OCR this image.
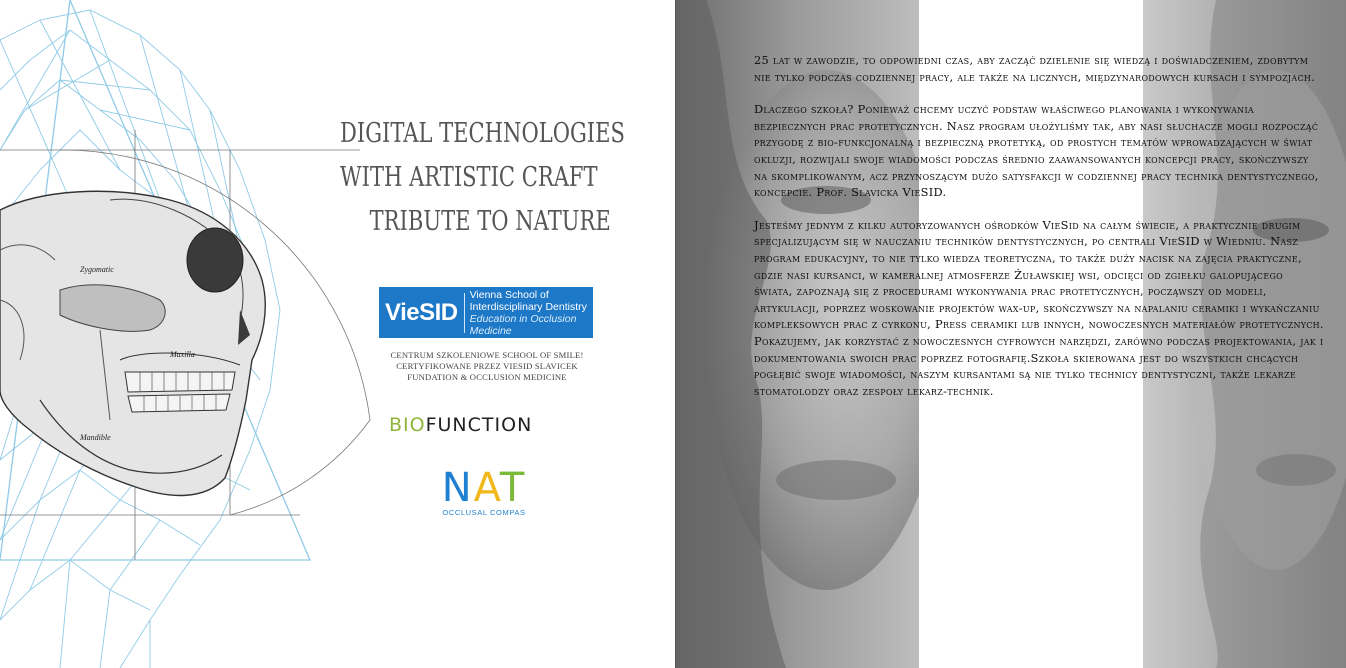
Zygomatic
Maxilla
Mandible
DIGITAL TECHNOLOGIES
WITH ARTISTIC CRAFT
TRIBUTE TO NATURE
VieSID
Vienna School of
Interdisciplinary Dentistry
Education in Occlusion Medicine
CENTRUM SZKOLENIOWE SCHOOL OF SMILE!
CERTYFIKOWANE PRZEZ VIESID SLAVICEK
FUNDATION & OCCLUSION MEDICINE
BIOFUNCTION
NAT
OCCLUSAL COMPAS

25 lat w zawodzie, to odpowiedni czas, aby zacząć dzielenie się wiedzą i doświadczeniem, zdobytym nie tylko podczas codziennej pracy, ale także na licznych, międzynarodowych kursach i sympozjach.

Dlaczego szkoła? Ponieważ chcemy uczyć podstaw właściwego planowania i wykonywania bezpiecznych prac protetycznych. Nasz program ułożyliśmy tak, aby nasi słuchacze mogli rozpocząć przygodę z bio-funkcjonalną i bezpieczną protetyką, od prostych tematów wprowadzających w świat okluzji, rozwijali swoje wiadomości podczas średnio zaawansowanych koncepcji pracy, skończywszy na skomplikowanym, acz przynoszącym dużo satysfakcji w codziennej pracy technika dentystycznego, koncepcie. Prof. Slavicka VieSID.

Jesteśmy jednym z kilku autoryzowanych ośrodków VieSid na całym świecie, a praktycznie drugim specjalizującym się w nauczaniu techników dentystycznych, po centrali VieSID w Wiedniu. Nasz program edukacyjny, to nie tylko wiedza teoretyczna, to także duży nacisk na zajęcia praktyczne, gdzie nasi kursanci, w kameralnej atmosferze Żuławskiej wsi, odcięci od zgiełku galopującego świata, zapoznają się z procedurami wykonywania prac protetycznych, począwszy od modeli, artykulacji, poprzez woskowanie projektów wax-up, skończywszy na napalaniu ceramiki i wykańczaniu kompleksowych prac z cyrkonu, Press ceramiki lub innych, nowoczesnych materiałów protetycznych. Pokazujemy, jak korzystać z nowoczesnych cyfrowych narzędzi, zarówno podczas projektowania, jak i dokumentowania swoich prac poprzez fotografię.Szkoła skierowana jest do wszystkich chcących pogłębić swoje wiadomości, naszym kursantami są nie tylko technicy dentystyczni, także lekarze stomatolodzy oraz zespoły lekarz-technik.
